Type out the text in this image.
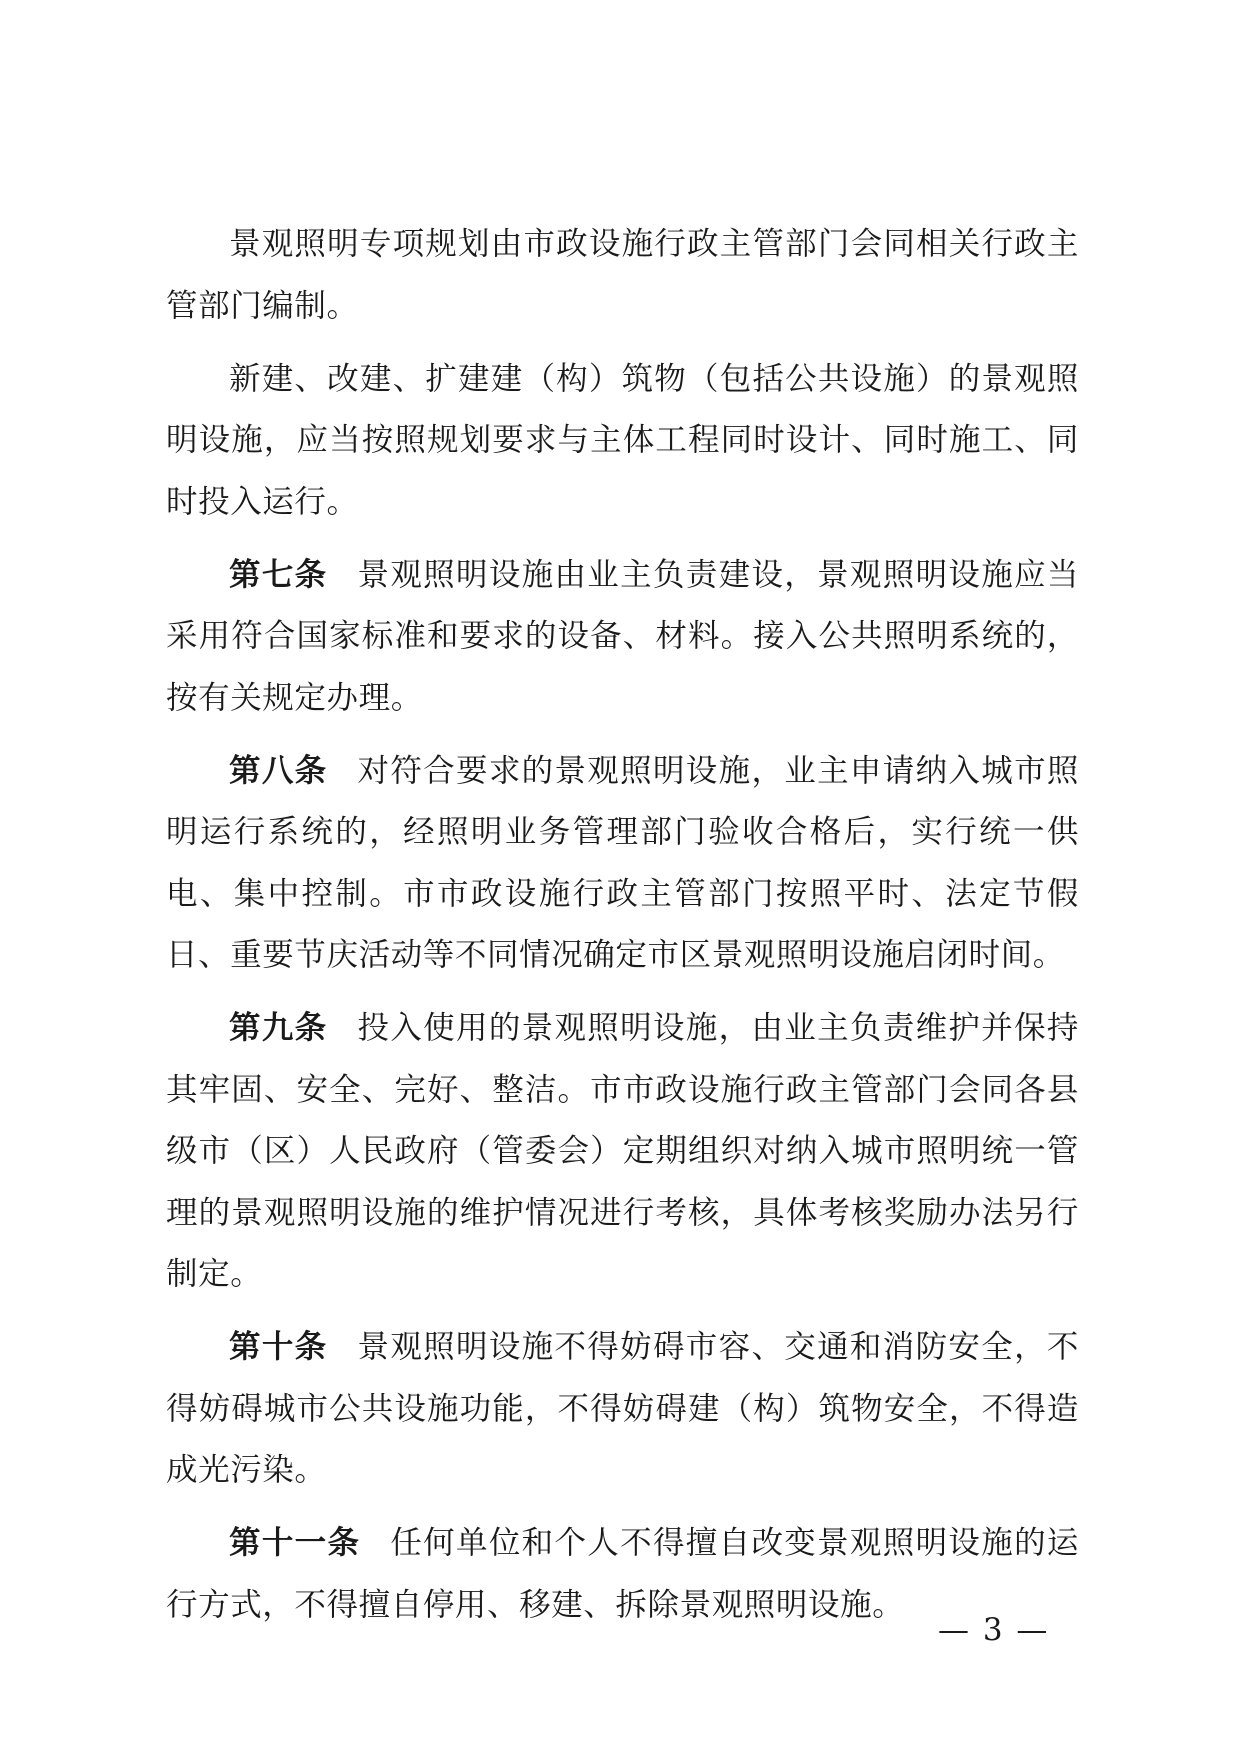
景观照明专项规划由市政设施行政主管部门会同相关行政主管部门编制。

新建、改建、扩建建（构）筑物（包括公共设施）的景观照明设施，应当按照规划要求与主体工程同时设计、同时施工、同时投入运行。

第七条 景观照明设施由业主负责建设，景观照明设施应当采用符合国家标准和要求的设备、材料。接入公共照明系统的，按有关规定办理。

第八条 对符合要求的景观照明设施，业主申请纳入城市照明运行系统的，经照明业务管理部门验收合格后，实行统一供电、集中控制。市市政设施行政主管部门按照平时、法定节假日、重要节庆活动等不同情况确定市区景观照明设施启闭时间。

第九条 投入使用的景观照明设施，由业主负责维护并保持其牢固、安全、完好、整洁。市市政设施行政主管部门会同各县级市（区）人民政府（管委会）定期组织对纳入城市照明统一管理的景观照明设施的维护情况进行考核，具体考核奖励办法另行制定。

第十条 景观照明设施不得妨碍市容、交通和消防安全，不得妨碍城市公共设施功能，不得妨碍建（构）筑物安全，不得造成光污染。

第十一条 任何单位和个人不得擅自改变景观照明设施的运行方式，不得擅自停用、移建、拆除景观照明设施。

— 3 —
